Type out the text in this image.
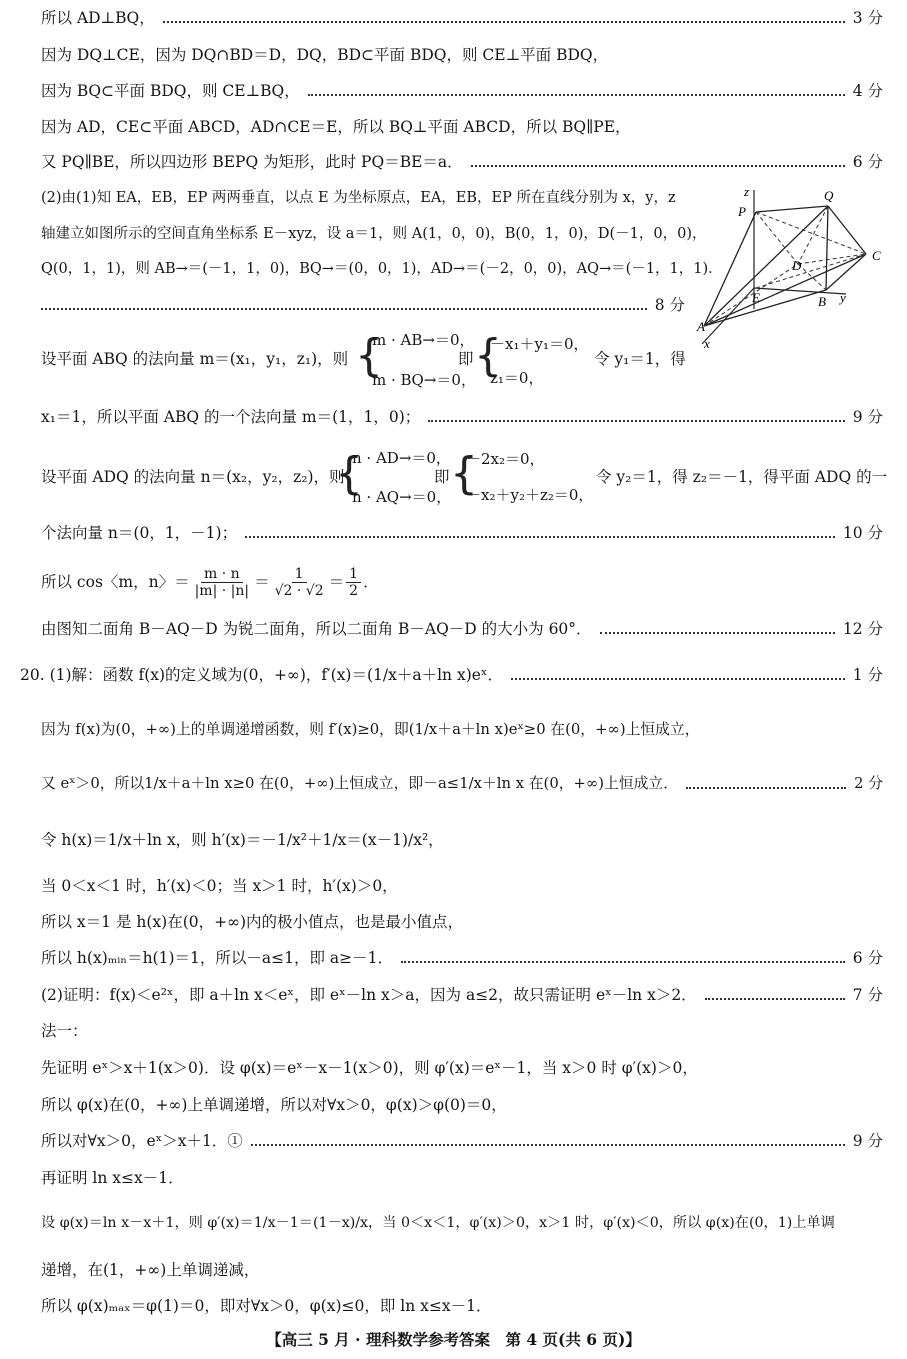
所以 AD⊥BQ，	3 分
因为 DQ⊥CE，因为 DQ∩BD＝D，DQ，BD⊂平面 BDQ，则 CE⊥平面 BDQ，
因为 BQ⊂平面 BDQ，则 CE⊥BQ，	4 分
因为 AD，CE⊂平面 ABCD，AD∩CE＝E，所以 BQ⊥平面 ABCD，所以 BQ∥PE，
又 PQ∥BE，所以四边形 BEPQ 为矩形，此时 PQ＝BE＝a．	6 分
(2)由(1)知 EA，EB，EP 两两垂直，以点 E 为坐标原点，EA，EB，EP 所在直线分别为 x，y，z
轴建立如图所示的空间直角坐标系 E－xyz，设 a＝1，则 A(1，0，0)，B(0，1，0)，D(－1，0，0)，
Q(0，1，1)，则 AB→＝(－1，1，0)，BQ→＝(0，0，1)，AD→＝(－2，0，0)，AQ→＝(－1，1，1)．
8 分
设平面 ABQ 的法向量 m＝(x₁，y₁，z₁)，则 {
m · AB→＝0，
m · BQ→＝0，
即 {
－x₁＋y₁＝0，
z₁＝0，
令 y₁＝1，得
x₁＝1，所以平面 ABQ 的一个法向量 m＝(1，1，0)；	9 分
设平面 ADQ 的法向量 n＝(x₂，y₂，z₂)，则
{
n · AD→＝0，
n · AQ→＝0，
即 {
－2x₂＝0，
－x₂＋y₂＋z₂＝0，
令 y₂＝1，得 z₂＝－1，得平面 ADQ 的一
个法向量 n＝(0，1，－1)；	10 分
所以 cos〈m，n〉＝ $\frac{m \cdot n}{|m| \cdot |n|} = \frac{1}{√2 \cdot √2} = \frac{1}{2}$ ．
由图知二面角 B－AQ－D 为锐二面角，所以二面角 B－AQ－D 的大小为 60°．	12 分
20. (1)解：函数 f(x)的定义域为(0，+∞)，f′(x)＝(1/x＋a＋ln x)eˣ．	1 分
因为 f(x)为(0，+∞)上的单调递增函数，则 f′(x)≥0，即(1/x＋a＋ln x)eˣ≥0 在(0，+∞)上恒成立，
又 eˣ＞0，所以1/x＋a＋ln x≥0 在(0，+∞)上恒成立，即－a≤1/x＋ln x 在(0，+∞)上恒成立．	2 分
令 h(x)＝1/x＋ln x，则 h′(x)＝－1/x²＋1/x＝(x－1)/x²，
当 0＜x＜1 时，h′(x)＜0；当 x＞1 时，h′(x)＞0，
所以 x＝1 是 h(x)在(0，+∞)内的极小值点，也是最小值点，
所以 h(x)ₘᵢₙ＝h(1)＝1，所以－a≤1，即 a≥－1．	6 分
(2)证明：f(x)＜e²ˣ，即 a＋ln x＜eˣ，即 eˣ－ln x＞a，因为 a≤2，故只需证明 eˣ－ln x＞2．	7 分
法一：
先证明 eˣ＞x＋1(x＞0)．设 φ(x)＝eˣ－x－1(x＞0)，则 φ′(x)＝eˣ－1，当 x＞0 时 φ′(x)＞0，
所以 φ(x)在(0，+∞)上单调递增，所以对∀x＞0，φ(x)＞φ(0)＝0，
所以对∀x＞0，eˣ＞x＋1．①	9 分
再证明 ln x≤x－1．
设 φ(x)＝ln x－x＋1，则 φ′(x)＝1/x－1＝(1－x)/x，当 0＜x＜1，φ′(x)＞0，x＞1 时，φ′(x)＜0，所以 φ(x)在(0，1)上单调
递增，在(1，+∞)上单调递减，
所以 φ(x)ₘₐₓ＝φ(1)＝0，即对∀x＞0，φ(x)≤0，即 ln x≤x－1．
z
P
Q
C
D
E	B y
A
x
【高三 5 月 · 理科数学参考答案　第 4 页(共 6 页)】
